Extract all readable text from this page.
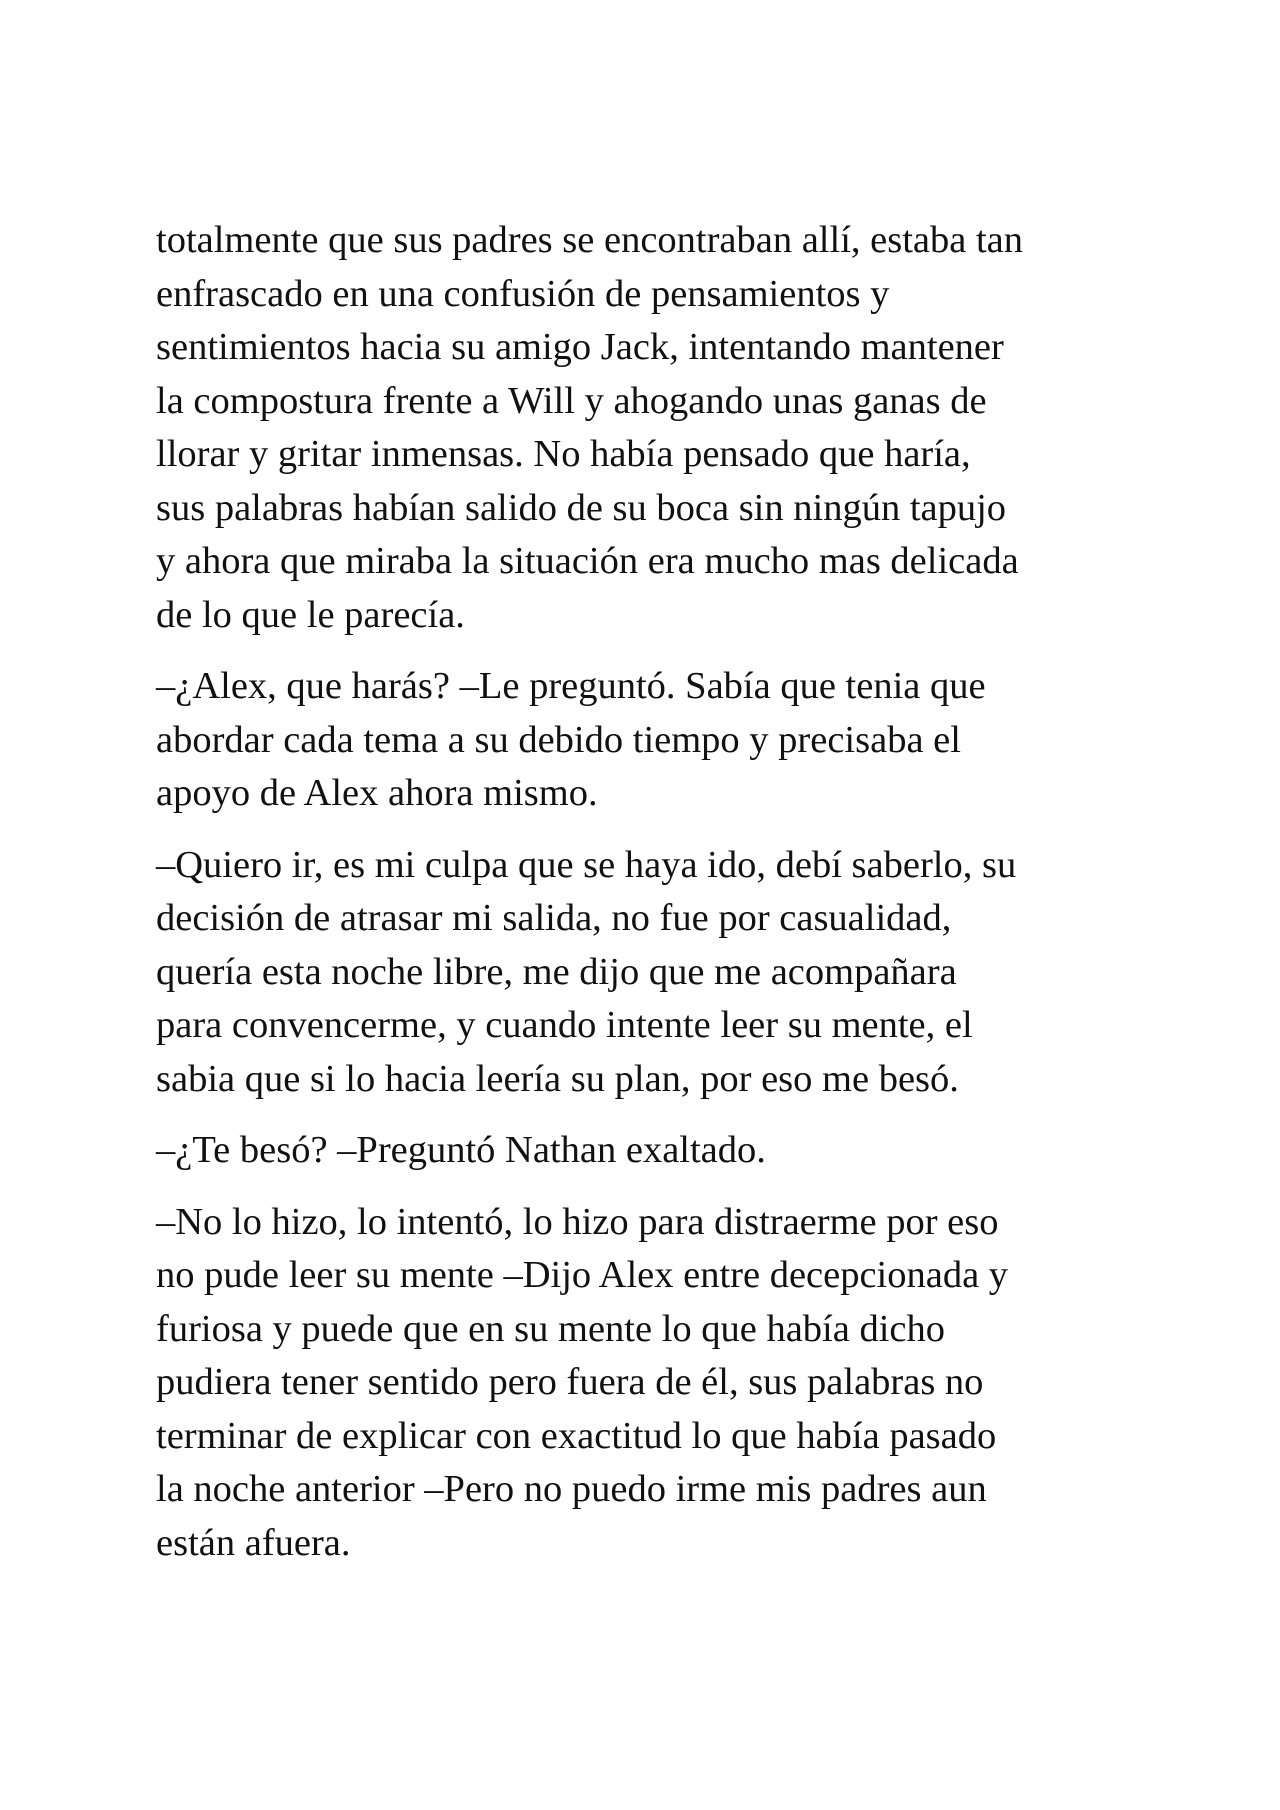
totalmente que sus padres se encontraban allí, estaba tan
enfrascado en una confusión de pensamientos y
sentimientos hacia su amigo Jack, intentando mantener
la compostura frente a Will y ahogando unas ganas de
llorar y gritar inmensas. No había pensado que haría,
sus palabras habían salido de su boca sin ningún tapujo
y ahora que miraba la situación era mucho mas delicada
de lo que le parecía.

–¿Alex, que harás? –Le preguntó. Sabía que tenia que
abordar cada tema a su debido tiempo y precisaba el
apoyo de Alex ahora mismo.

–Quiero ir, es mi culpa que se haya ido, debí saberlo, su
decisión de atrasar mi salida, no fue por casualidad,
quería esta noche libre, me dijo que me acompañara
para convencerme, y cuando intente leer su mente, el
sabia que si lo hacia leería su plan, por eso me besó.

–¿Te besó? –Preguntó Nathan exaltado.

–No lo hizo, lo intentó, lo hizo para distraerme por eso
no pude leer su mente –Dijo Alex entre decepcionada y
furiosa y puede que en su mente lo que había dicho
pudiera tener sentido pero fuera de él, sus palabras no
terminar de explicar con exactitud lo que había pasado
la noche anterior –Pero no puedo irme mis padres aun
están afuera.
